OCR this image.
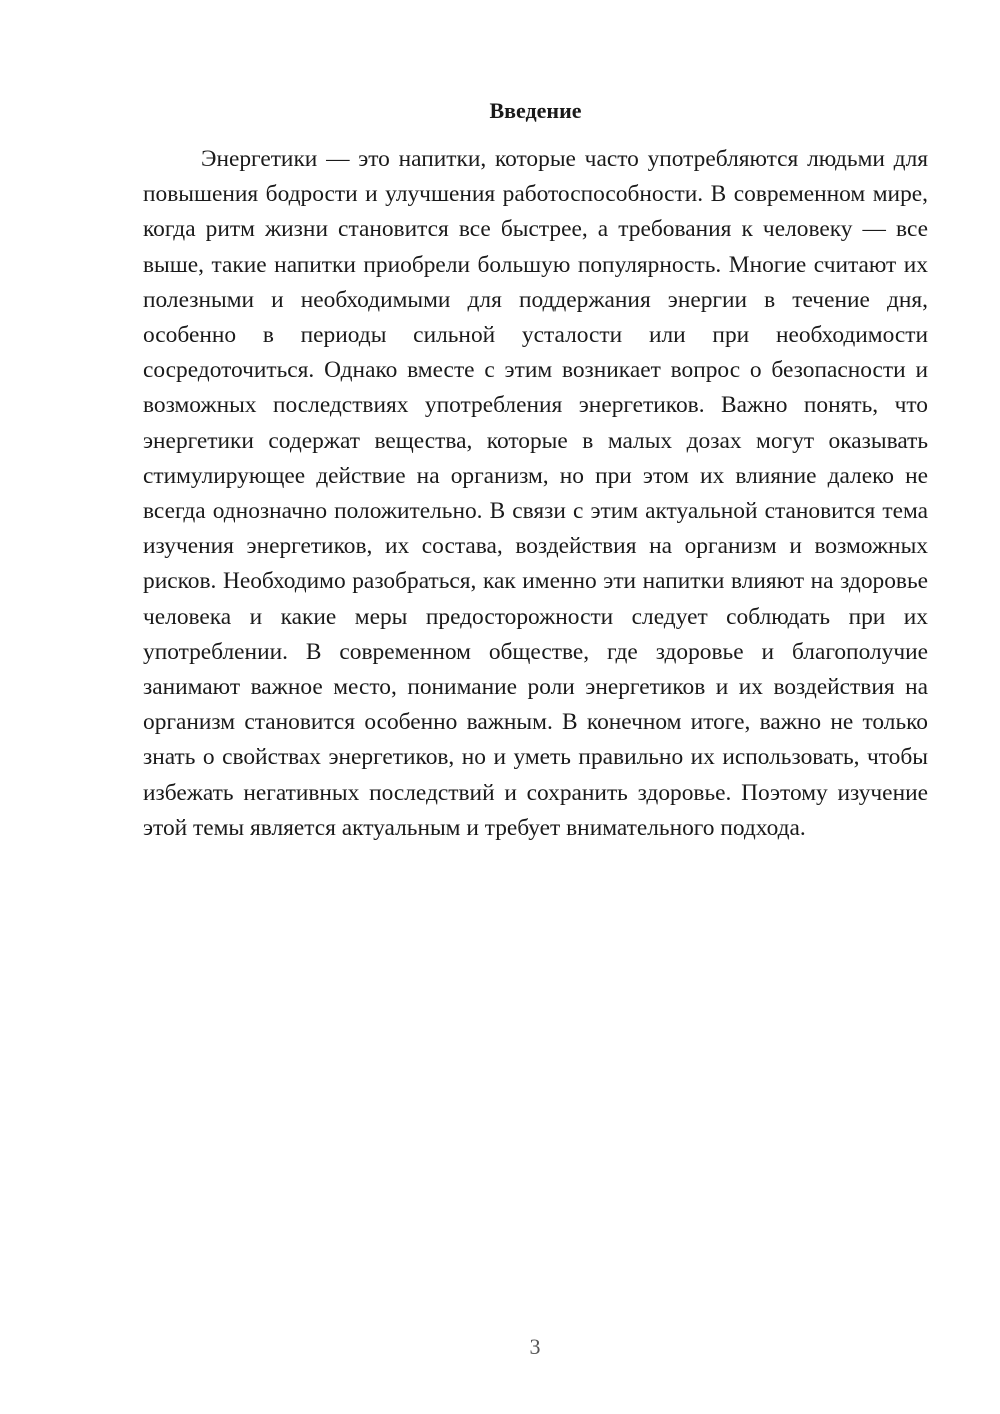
Введение

Энергетики — это напитки, которые часто употребляются людьми для повышения бодрости и улучшения работоспособности. В современном мире, когда ритм жизни становится все быстрее, а требования к человеку — все выше, такие напитки приобрели большую популярность. Многие считают их полезными и необходимыми для поддержания энергии в течение дня, особенно в периоды сильной усталости или при необходимости сосредоточиться. Однако вместе с этим возникает вопрос о безопасности и возможных последствиях употребления энергетиков. Важно понять, что энергетики содержат вещества, которые в малых дозах могут оказывать стимулирующее действие на организм, но при этом их влияние далеко не всегда однозначно положительно. В связи с этим актуальной становится тема изучения энергетиков, их состава, воздействия на организм и возможных рисков. Необходимо разобраться, как именно эти напитки влияют на здоровье человека и какие меры предосторожности следует соблюдать при их употреблении. В современном обществе, где здоровье и благополучие занимают важное место, понимание роли энергетиков и их воздействия на организм становится особенно важным. В конечном итоге, важно не только знать о свойствах энергетиков, но и уметь правильно их использовать, чтобы избежать негативных последствий и сохранить здоровье. Поэтому изучение этой темы является актуальным и требует внимательного подхода.

3
